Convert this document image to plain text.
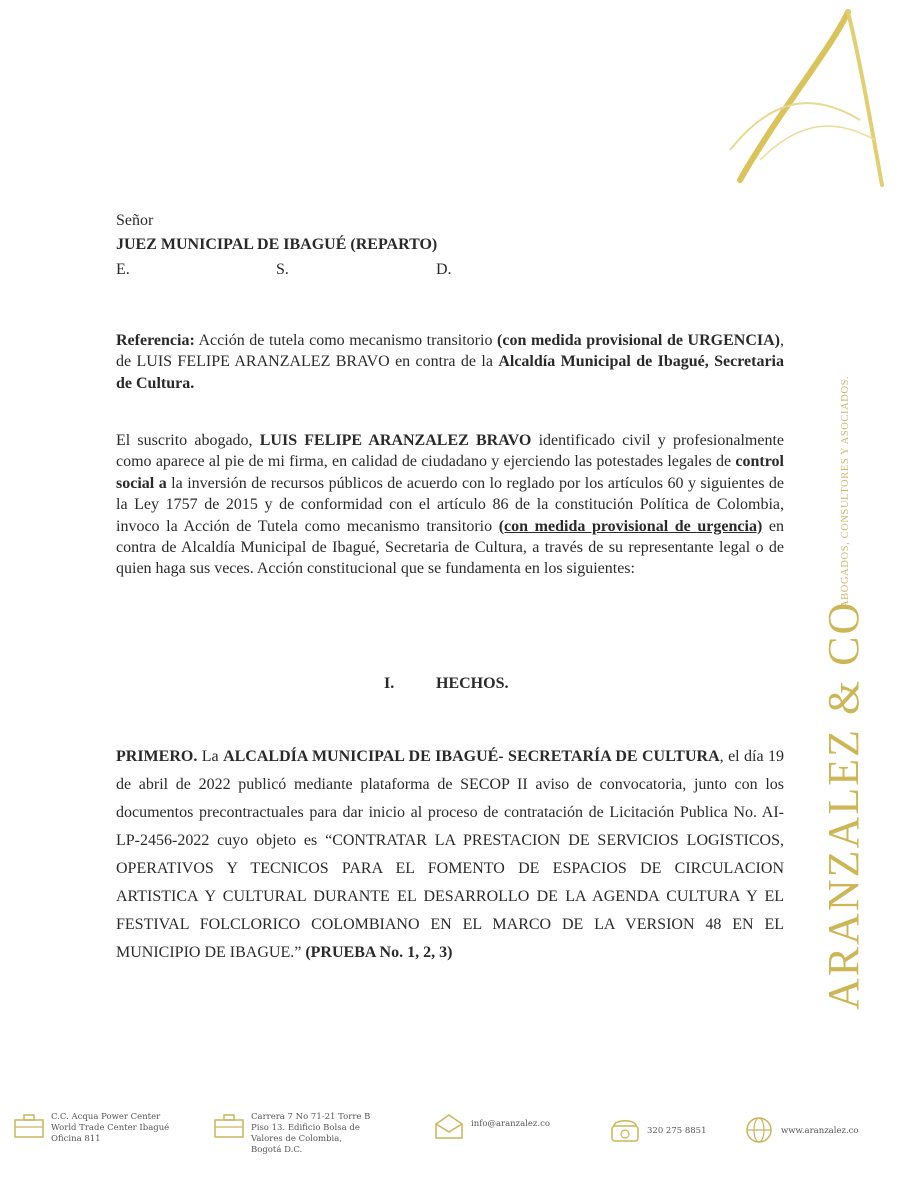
ABOGADOS, CONSULTORES Y ASOCIADOS.
ARANZALEZ & CO
Señor
JUEZ MUNICIPAL DE IBAGUÉ (REPARTO)
E.	S.	D.
Referencia: Acción de tutela como mecanismo transitorio (con medida provisional de URGENCIA), de LUIS FELIPE ARANZALEZ BRAVO en contra de la Alcaldía Municipal de Ibagué, Secretaria de Cultura.
El suscrito abogado, LUIS FELIPE ARANZALEZ BRAVO identificado civil y profesionalmente como aparece al pie de mi firma, en calidad de ciudadano y ejerciendo las potestades legales de control social a la inversión de recursos públicos de acuerdo con lo reglado por los artículos 60 y siguientes de la Ley 1757 de 2015 y de conformidad con el artículo 86 de la constitución Política de Colombia, invoco la Acción de Tutela como mecanismo transitorio (con medida provisional de urgencia) en contra de Alcaldía Municipal de Ibagué, Secretaria de Cultura, a través de su representante legal o de quien haga sus veces. Acción constitucional que se fundamenta en los siguientes:
I.	HECHOS.
PRIMERO. La ALCALDÍA MUNICIPAL DE IBAGUÉ- SECRETARÍA DE CULTURA, el día 19 de abril de 2022 publicó mediante plataforma de SECOP II aviso de convocatoria, junto con los documentos precontractuales para dar inicio al proceso de contratación de Licitación Publica No. AI-LP-2456-2022 cuyo objeto es “CONTRATAR LA PRESTACION DE SERVICIOS LOGISTICOS, OPERATIVOS Y TECNICOS PARA EL FOMENTO DE ESPACIOS DE CIRCULACION ARTISTICA Y CULTURAL DURANTE EL DESARROLLO DE LA AGENDA CULTURA Y EL FESTIVAL FOLCLORICO COLOMBIANO EN EL MARCO DE LA VERSION 48 EN EL MUNICIPIO DE IBAGUE.” (PRUEBA No. 1, 2, 3)
C.C. Acqua Power Center
World Trade Center Ibagué
Oficina 811
Carrera 7 No 71-21 Torre B
Piso 13. Edificio Bolsa de
Valores de Colombia,
Bogotá D.C.
info@aranzalez.co
320 275 8851	www.aranzalez.co
